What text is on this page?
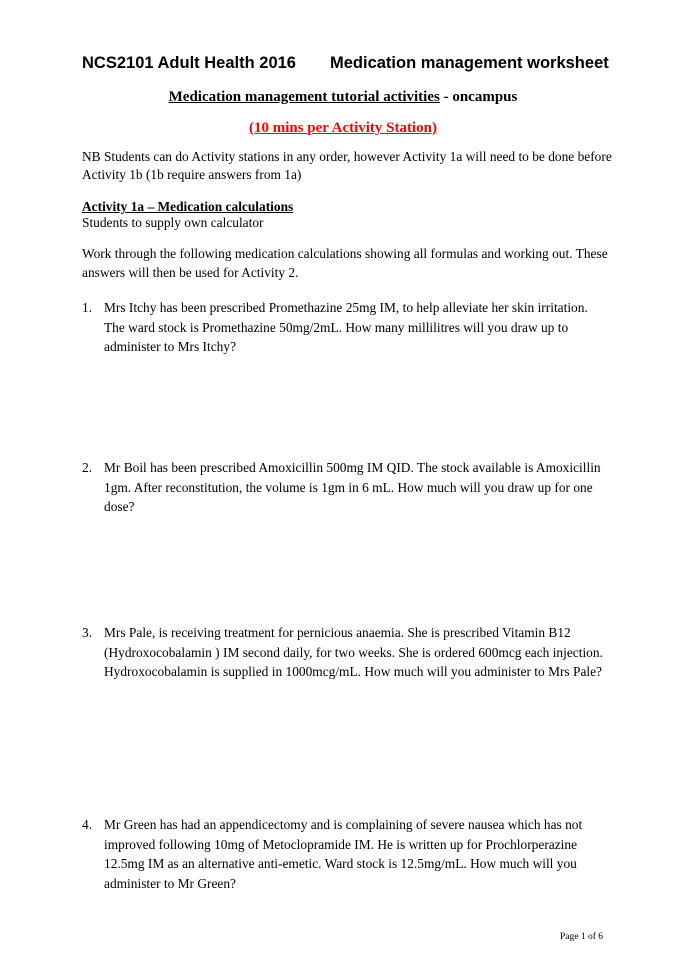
NCS2101 Adult Health 2016 Medication management worksheet
Medication management tutorial activities - oncampus
(10 mins per Activity Station)
NB Students can do Activity stations in any order, however Activity 1a will need to be done before Activity 1b (1b require answers from 1a)
Activity 1a – Medication calculations
Students to supply own calculator
Work through the following medication calculations showing all formulas and working out. These answers will then be used for Activity 2.
1. Mrs Itchy has been prescribed Promethazine 25mg IM, to help alleviate her skin irritation. The ward stock is Promethazine 50mg/2mL. How many millilitres will you draw up to administer to Mrs Itchy?
2. Mr Boil has been prescribed Amoxicillin 500mg IM QID. The stock available is Amoxicillin 1gm. After reconstitution, the volume is 1gm in 6 mL. How much will you draw up for one dose?
3. Mrs Pale, is receiving treatment for pernicious anaemia. She is prescribed Vitamin B12 (Hydroxocobalamin ) IM second daily, for two weeks. She is ordered 600mcg each injection. Hydroxocobalamin is supplied in 1000mcg/mL. How much will you administer to Mrs Pale?
4. Mr Green has had an appendicectomy and is complaining of severe nausea which has not improved following 10mg of Metoclopramide IM. He is written up for Prochlorperazine 12.5mg IM as an alternative anti-emetic. Ward stock is 12.5mg/mL. How much will you administer to Mr Green?
Page 1 of 6
